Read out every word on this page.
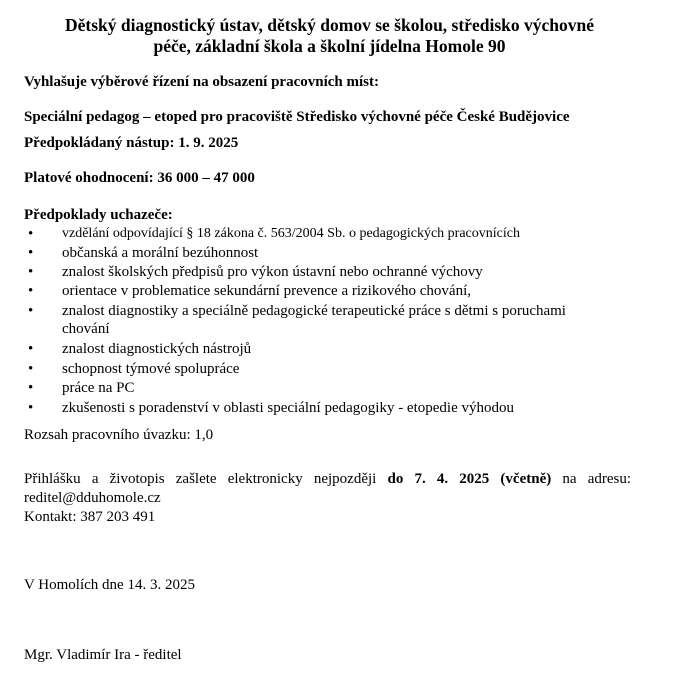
Dětský diagnostický ústav, dětský domov se školou, středisko výchovné
péče, základní škola a školní jídelna Homole 90
Vyhlašuje výběrové řízení na obsazení pracovních míst:
Speciální pedagog – etoped pro pracoviště Středisko výchovné péče České Budějovice
Předpokládaný nástup: 1. 9. 2025
Platové ohodnocení: 36 000 – 47 000
Předpoklady uchazeče:
• vzdělání odpovídající § 18 zákona č. 563/2004 Sb. o pedagogických pracovnících
• občanská a morální bezúhonnost
• znalost školských předpisů pro výkon ústavní nebo ochranné výchovy
• orientace v problematice sekundární prevence a rizikového chování,
• znalost diagnostiky a speciálně pedagogické terapeutické práce s dětmi s poruchami
chování
• znalost diagnostických nástrojů
• schopnost týmové spolupráce
• práce na PC
• zkušenosti s poradenství v oblasti speciální pedagogiky - etopedie výhodou
Rozsah pracovního úvazku: 1,0
Přihlášku a životopis zašlete elektronicky nejpozději do 7. 4. 2025 (včetně) na adresu:
reditel@dduhomole.cz
Kontakt: 387 203 491
V Homolích dne 14. 3. 2025
Mgr. Vladimír Ira - ředitel
